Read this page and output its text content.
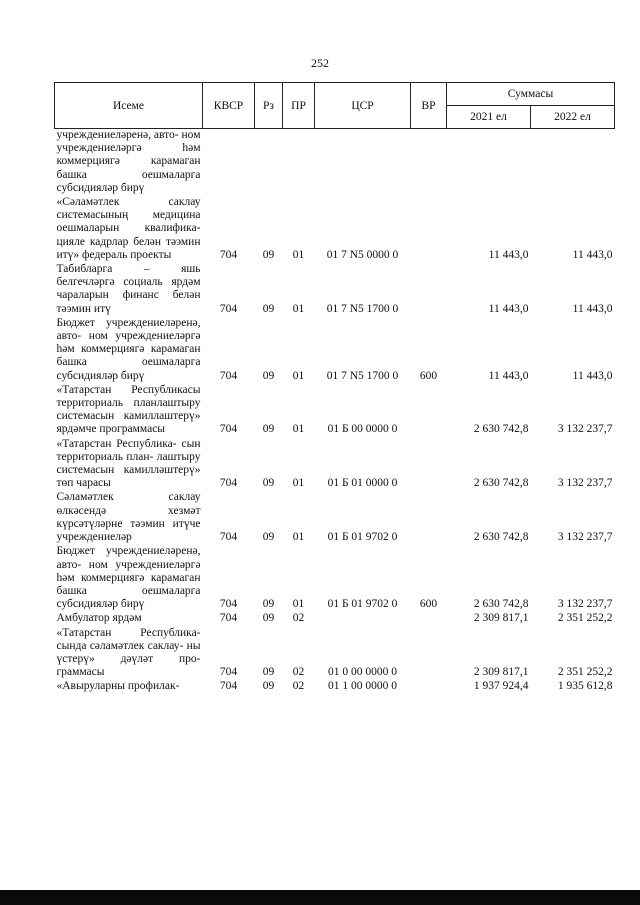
252
Исеме	КВСР	Рз	ПР	ЦСР	ВР	Суммасы	
						2021 ел	2022 ел
учреждениеләренә, авто- ном учреждениеләргә һәм коммерциягә карамаган башка оешмаларга субсидияләр бирү							
«Сәламәтлек саклау системасының медицина оешмаларын квалифика- цияле кадрлар белән тәэмин итү» федераль проекты	704	09	01	01 7 N5 0000 0		11 443,0	11 443,0
Табибларга – яшь белгечләргә социаль ярдәм чараларын финанс белән тәэмин итү	704	09	01	01 7 N5 1700 0		11 443,0	11 443,0
Бюджет учреждениеләренә, авто- ном учреждениеләргә һәм коммерциягә карамаган башка оешмаларга субсидияләр бирү	704	09	01	01 7 N5 1700 0	600	11 443,0	11 443,0
«Татарстан Республикасы территориаль планлаштыру системасын камиллаштерү» ярдәмче программасы	704	09	01	01 Б 00 0000 0		2 630 742,8	3 132 237,7
«Татарстан Республика- сын территориаль план- лаштыру системасын камилләштерү» төп чарасы	704	09	01	01 Б 01 0000 0		2 630 742,8	3 132 237,7
Сәламәтлек саклау өлкәсендә хезмәт күрсәтүләрне тәэмин итүче учреждениеләр	704	09	01	01 Б 01 9702 0		2 630 742,8	3 132 237,7
Бюджет учреждениеләренә, авто- ном учреждениеләргә һәм коммерциягә карамаган башка оешмаларга субсидияләр бирү	704	09	01	01 Б 01 9702 0	600	2 630 742,8	3 132 237,7
Амбулатор ярдәм	704	09	02			2 309 817,1	2 351 252,2
«Татарстан Республика- сында сәламәтлек саклау- ны үстерү» дәүләт про- граммасы	704	09	02	01 0 00 0000 0		2 309 817,1	2 351 252,2
«Авыруларны профилак-	704	09	02	01 1 00 0000 0		1 937 924,4	1 935 612,8
